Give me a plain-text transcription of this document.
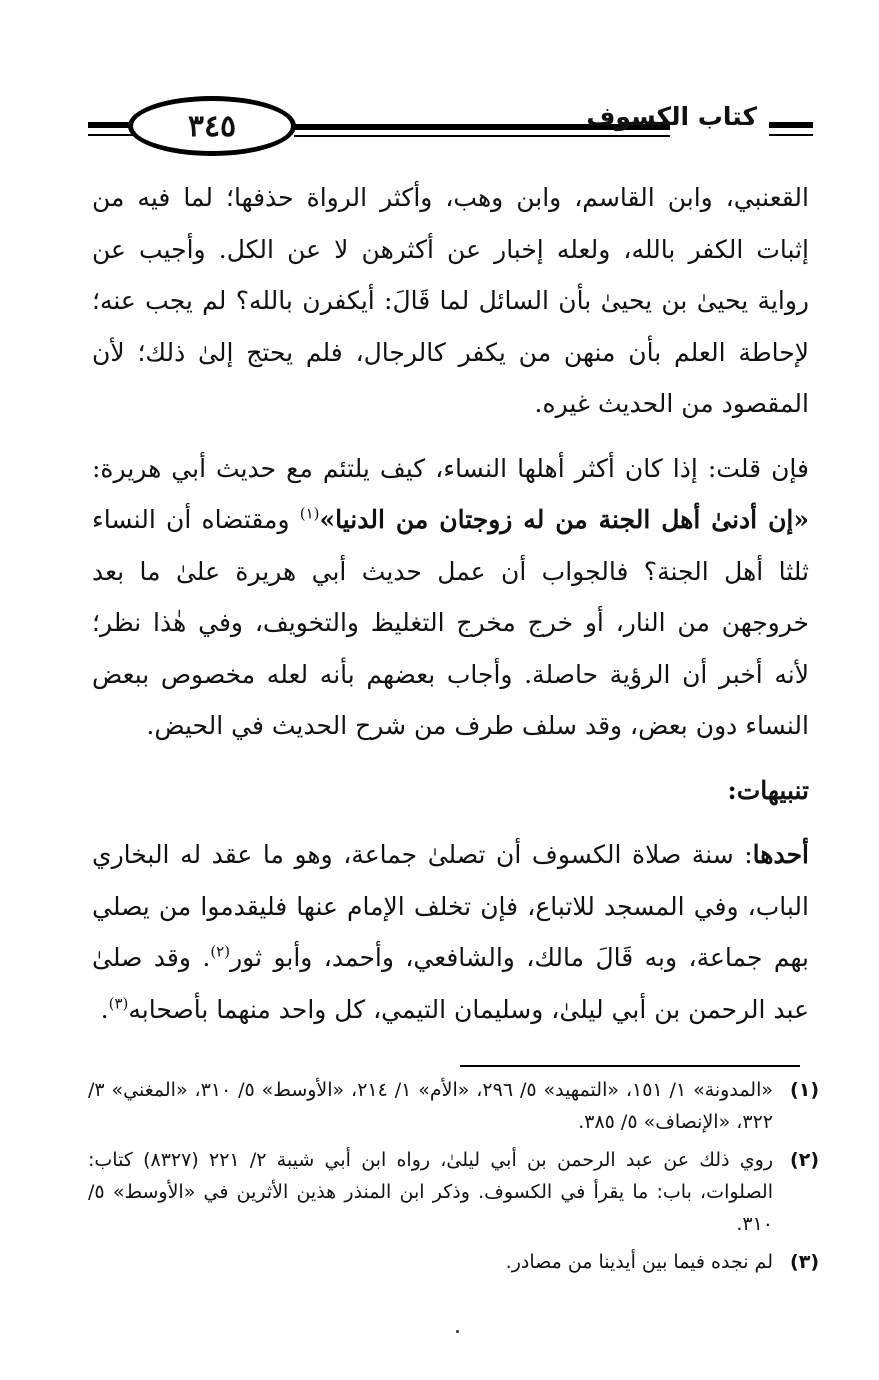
٣٤٥	كتاب الكسوف

القعنبي، وابن القاسم، وابن وهب، وأكثر الرواة حذفها؛ لما فيه من إثبات الكفر بالله، ولعله إخبار عن أكثرهن لا عن الكل. وأجيب عن رواية يحيىٰ بن يحيىٰ بأن السائل لما قَالَ: أيكفرن بالله؟ لم يجب عنه؛ لإحاطة العلم بأن منهن من يكفر كالرجال، فلم يحتج إلىٰ ذلك؛ لأن المقصود من الحديث غيره.

فإن قلت: إذا كان أكثر أهلها النساء، كيف يلتئم مع حديث أبي هريرة: «إن أدنىٰ أهل الجنة من له زوجتان من الدنيا»$^{(١)}$ ومقتضاه أن النساء ثلثا أهل الجنة؟ فالجواب أن عمل حديث أبي هريرة علىٰ ما بعد خروجهن من النار، أو خرج مخرج التغليظ والتخويف، وفي هٰذا نظر؛ لأنه أخبر أن الرؤية حاصلة. وأجاب بعضهم بأنه لعله مخصوص ببعض النساء دون بعض، وقد سلف طرف من شرح الحديث في الحيض.

تنبيهات:

أحدها: سنة صلاة الكسوف أن تصلىٰ جماعة، وهو ما عقد له البخاري الباب، وفي المسجد للاتباع، فإن تخلف الإمام عنها فليقدموا من يصلي بهم جماعة، وبه قَالَ مالك، والشافعي، وأحمد، وأبو ثور$^{(٢)}$. وقد صلىٰ عبد الرحمن بن أبي ليلىٰ، وسليمان التيمي، كل واحد منهما بأصحابه$^{(٣)}$.

(١)
«المدونة» ١/ ١٥١، «التمهيد» ٥/ ٢٩٦، «الأم» ١/ ٢١٤، «الأوسط» ٥/ ٣١٠، «المغني» ٣/ ٣٢٢، «الإنصاف» ٥/ ٣٨٥.
(٢)
روي ذلك عن عبد الرحمن بن أبي ليلىٰ، رواه ابن أبي شيبة ٢/ ٢٢١ (٨٣٢٧) كتاب: الصلوات، باب: ما يقرأ في الكسوف. وذكر ابن المنذر هذين الأثرين في «الأوسط» ٥/ ٣١٠.
(٣)
لم نجده فيما بين أيدينا من مصادر.
